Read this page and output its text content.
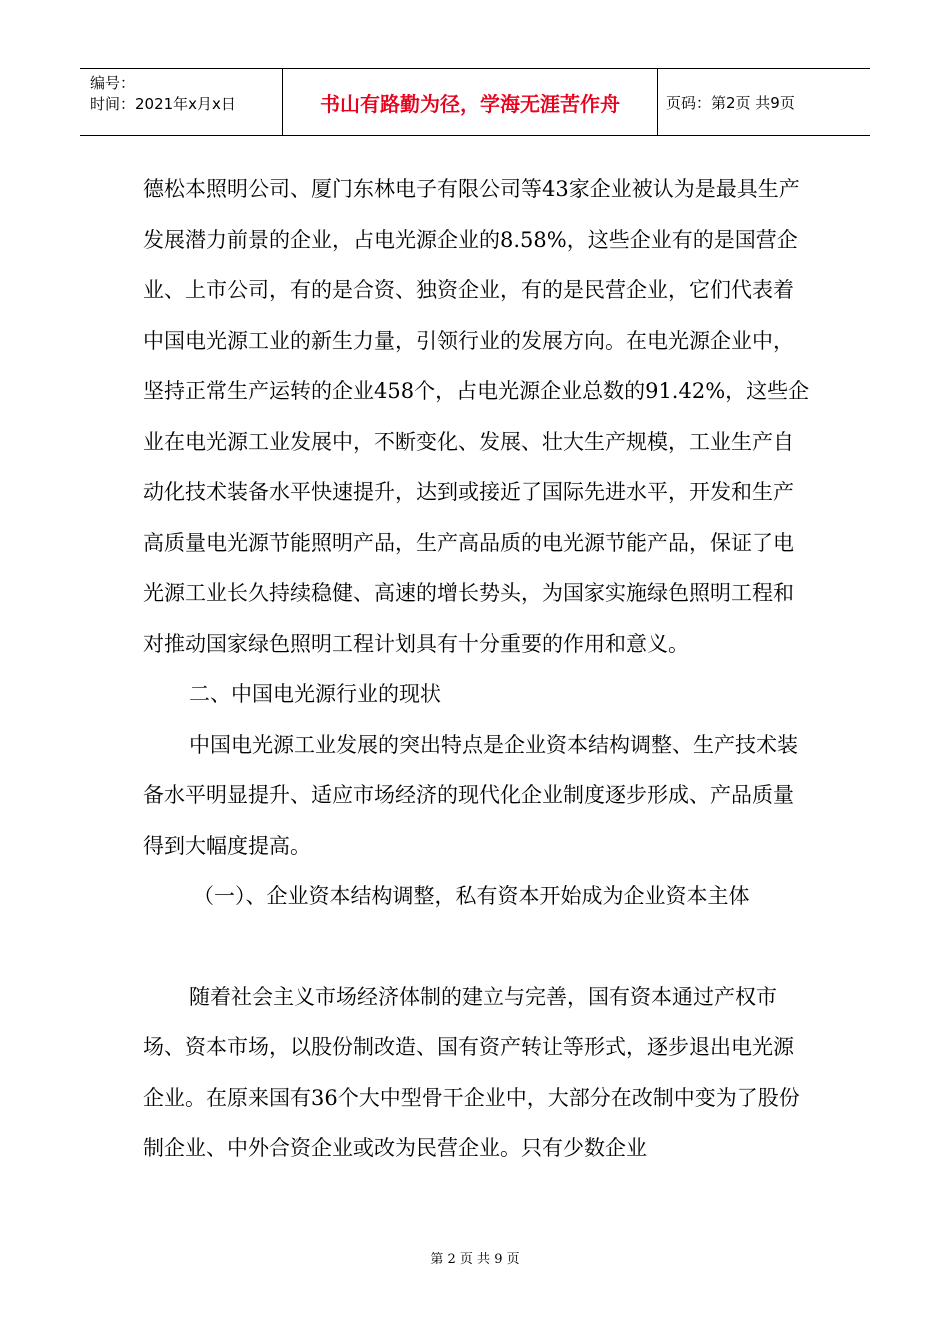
编号：
时间：2021年x月x日	书山有路勤为径，学海无涯苦作舟	页码：第2页 共9页

德松本照明公司、厦门东林电子有限公司等43家企业被认为是最具生产发展潜力前景的企业，占电光源企业的8.58%，这些企业有的是国营企业、上市公司，有的是合资、独资企业，有的是民营企业，它们代表着中国电光源工业的新生力量，引领行业的发展方向。在电光源企业中，坚持正常生产运转的企业458个，占电光源企业总数的91.42%，这些企业在电光源工业发展中，不断变化、发展、壮大生产规模，工业生产自动化技术装备水平快速提升，达到或接近了国际先进水平，开发和生产高质量电光源节能照明产品，生产高品质的电光源节能产品，保证了电光源工业长久持续稳健、高速的增长势头，为国家实施绿色照明工程和对推动国家绿色照明工程计划具有十分重要的作用和意义。

二、中国电光源行业的现状

中国电光源工业发展的突出特点是企业资本结构调整、生产技术装备水平明显提升、适应市场经济的现代化企业制度逐步形成、产品质量得到大幅度提高。

（一）、企业资本结构调整，私有资本开始成为企业资本主体

随着社会主义市场经济体制的建立与完善，国有资本通过产权市场、资本市场，以股份制改造、国有资产转让等形式，逐步退出电光源企业。在原来国有36个大中型骨干企业中，大部分在改制中变为了股份制企业、中外合资企业或改为民营企业。只有少数企业

第 2 页 共 9 页
